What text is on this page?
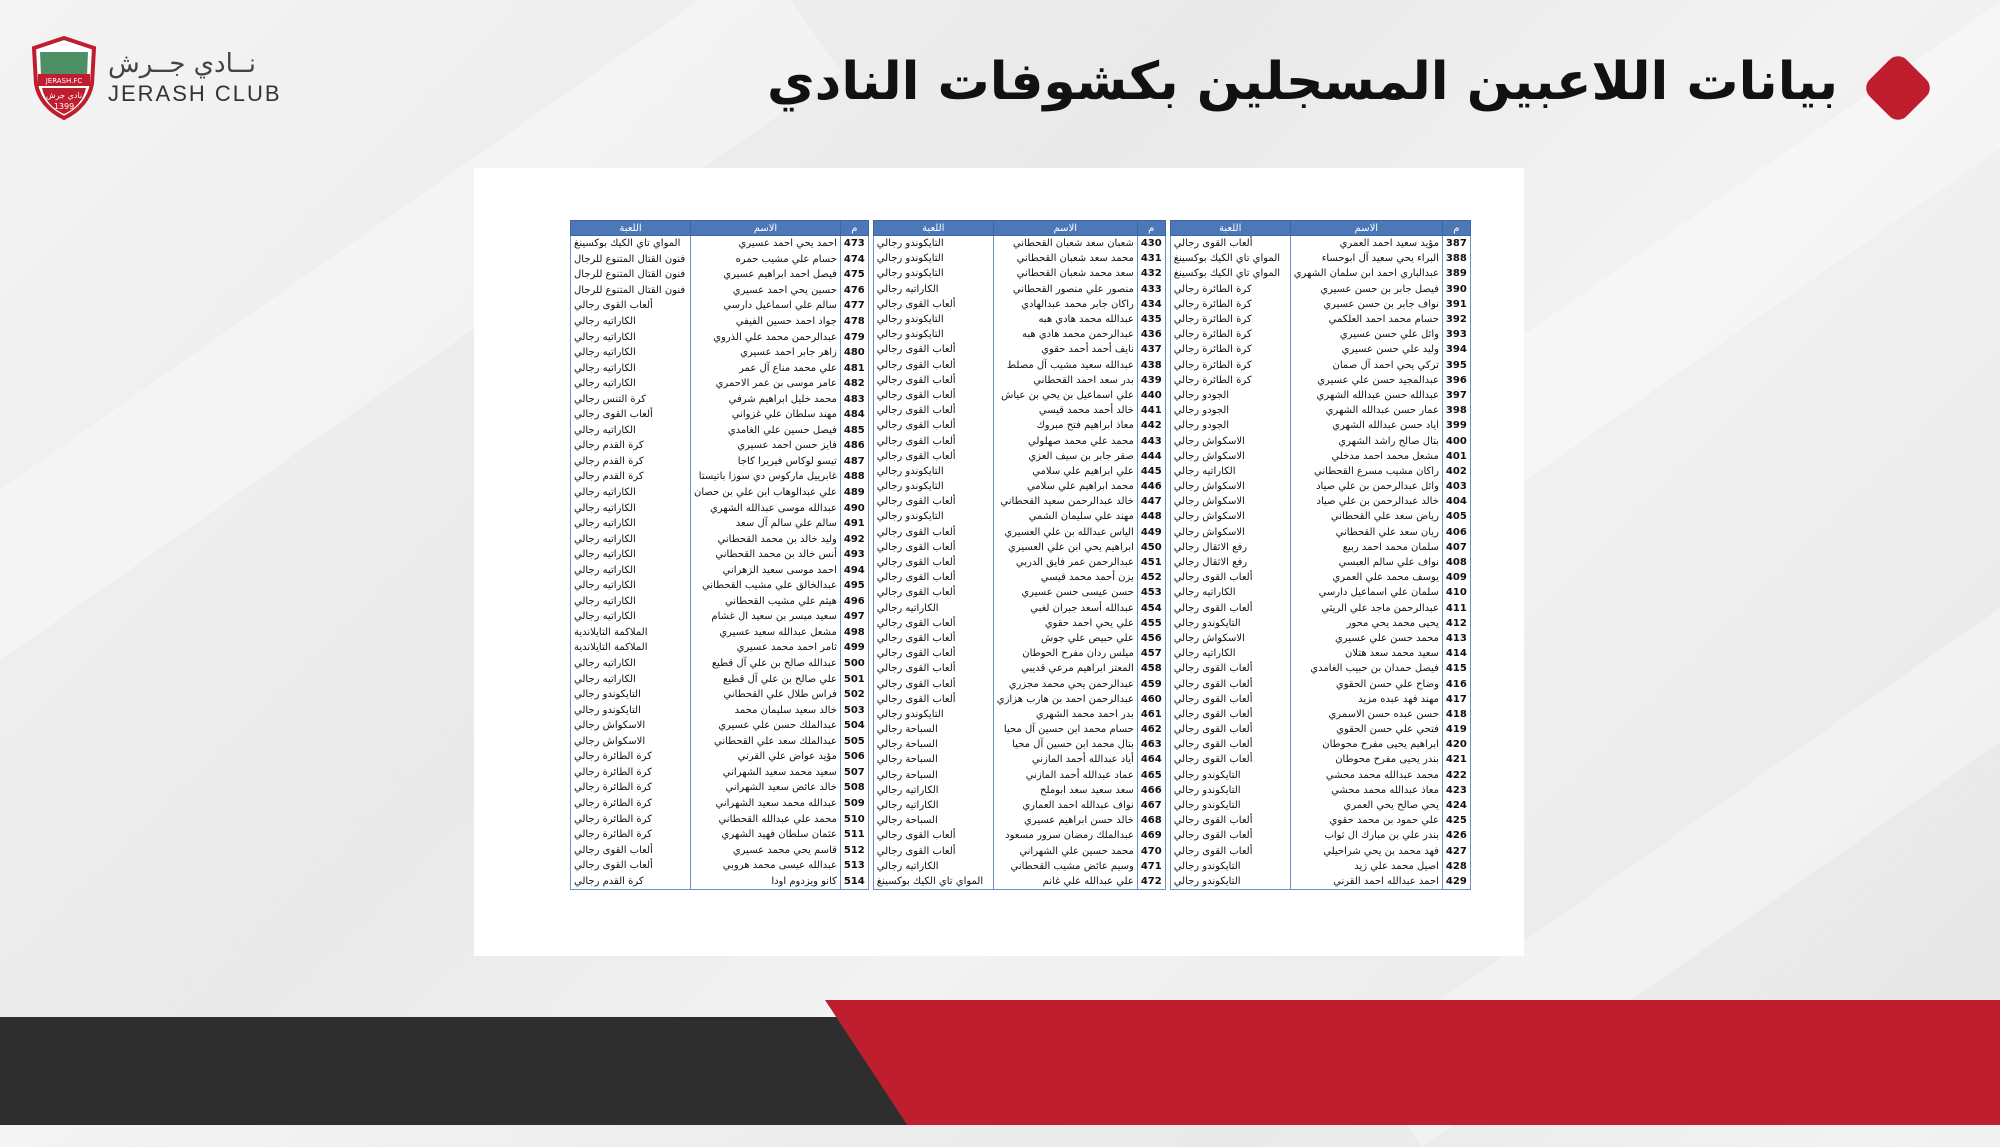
JERASH.FC
نادي جرش
1399
نــادي جــرش
JERASH CLUB	بيانات اللاعبين المسجلين بكشوفات النادي
م	الاسم	اللعبة
473	احمد يحي احمد عسيري	المواي تاي الكيك بوكسينغ
474	حسام علي مشيب حمره	فنون القتال المتنوع للرجال
475	فيصل احمد ابراهيم عسيري	فنون القتال المتنوع للرجال
476	حسين يحي احمد عسيري	فنون القتال المتنوع للرجال
477	سالم علي اسماعيل دارسي	ألعاب القوى رجالي
478	جواد احمد حسين الفيفي	الكاراتيه رجالي
479	عبدالرحمن محمد علي الذروي	الكاراتيه رجالي
480	زاهر جابر احمد عسيري	الكاراتيه رجالي
481	علي محمد مناع آل عمر	الكاراتيه رجالي
482	عامر موسى بن عمر الاحمري	الكاراتيه رجالي
483	محمد خليل ابراهيم شرفي	كرة التنس رجالي
484	مهند سلطان علي غزواني	ألعاب القوى رجالي
485	فيصل حسين علي الغامدي	الكاراتيه رجالي
486	فايز حسن احمد عسيري	كرة القدم رجالي
487	تيسو لوكاس فيريرا كاجا	كرة القدم رجالي
488	غابرييل ماركوس دي سوزا باتيستا	كرة القدم رجالي
489	علي عبدالوهاب ابن علي بن حصان	الكاراتيه رجالي
490	عبدالله موسى عبدالله الشهري	الكاراتيه رجالي
491	سالم علي سالم آل سعد	الكاراتيه رجالي
492	وليد خالد بن محمد القحطاني	الكاراتيه رجالي
493	أنس خالد بن محمد القحطاني	الكاراتيه رجالي
494	احمد موسى سعيد الزهراني	الكاراتيه رجالي
495	عبدالخالق علي مشيب القحطاني	الكاراتيه رجالي
496	هيثم علي مشيب القحطاني	الكاراتيه رجالي
497	سعيد ميسر بن سعيد ال غشام	الكاراتيه رجالي
498	مشعل عبدالله سعيد عسيري	الملاكمة التايلاندية
499	ثامر احمد محمد عسيري	الملاكمة التايلاندية
500	عبدالله صالح بن علي آل قطيع	الكاراتيه رجالي
501	علي صالح بن علي آل قطيع	الكاراتيه رجالي
502	فراس طلال علي القحطاني	التايكوندو رجالي
503	خالد سعيد سليمان محمد	التايكوندو رجالي
504	عبدالملك حسن علي عسيري	الاسكواش رجالي
505	عبدالملك سعد علي القحطاني	الاسكواش رجالي
506	مؤيد عواض علي القرني	كرة الطائرة رجالي
507	سعيد محمد سعيد الشهراني	كرة الطائرة رجالي
508	خالد عائض سعيد الشهراني	كرة الطائرة رجالي
509	عبدالله محمد سعيد الشهراني	كرة الطائرة رجالي
510	محمد علي عبدالله القحطاني	كرة الطائرة رجالي
511	عثمان سلطان فهيد الشهري	كرة الطائرة رجالي
512	قاسم يحي محمد عسيري	ألعاب القوى رجالي
513	عبدالله عيسى محمد هروبي	ألعاب القوى رجالي
514	كانو ويزدوم اودا	كرة القدم رجالي
م	الاسم	اللعبة
430	شعبان سعد شعبان القحطاني	التايكوندو رجالي
431	محمد سعد شعبان القحطاني	التايكوندو رجالي
432	سعد محمد شعبان القحطاني	التايكوندو رجالي
433	منصور علي منصور القحطاني	الكاراتيه رجالي
434	راكان جابر محمد عبدالهادي	ألعاب القوى رجالي
435	عبدالله محمد هادي هبه	التايكوندو رجالي
436	عبدالرحمن محمد هادي هبه	التايكوندو رجالي
437	نايف أحمد أحمد حقوي	ألعاب القوى رجالي
438	عبدالله سعيد مشيب آل مصلط	ألعاب القوى رجالي
439	بدر سعد احمد القحطاني	ألعاب القوى رجالي
440	علي اسماعيل بن يحي بن عياش	ألعاب القوى رجالي
441	خالد أحمد محمد قيسي	ألعاب القوى رجالي
442	معاذ ابراهيم فتح مبروك	ألعاب القوى رجالي
443	محمد علي محمد صهلولي	ألعاب القوى رجالي
444	صقر جابر بن سيف العزي	ألعاب القوى رجالي
445	علي ابراهيم علي سلامي	التايكوندو رجالي
446	محمد ابراهيم علي سلامي	التايكوندو رجالي
447	خالد عبدالرحمن سعيد القحطاني	ألعاب القوى رجالي
448	مهند علي سليمان الشمي	التايكوندو رجالي
449	الياس عبدالله بن علي العسيري	ألعاب القوى رجالي
450	ابراهيم يحي ابن علي العسيري	ألعاب القوى رجالي
451	عبدالرحمن عمر فايق الدربي	ألعاب القوى رجالي
452	يزن أحمد محمد قيسي	ألعاب القوى رجالي
453	حسن عيسى حسن عسيري	ألعاب القوى رجالي
454	عبدالله أسعد جبران لغبي	الكاراتيه رجالي
455	علي يحي احمد حقوي	ألعاب القوى رجالي
456	علي حبيص علي جوش	ألعاب القوى رجالي
457	ميلس ردان مفرح الحوطان	ألعاب القوى رجالي
458	المعتز ابراهيم مرعي قديبي	ألعاب القوى رجالي
459	عبدالرحمن يحي محمد مجزري	ألعاب القوى رجالي
460	عبدالرحمن احمد بن هارب هزازي	ألعاب القوى رجالي
461	بدر احمد محمد الشهري	التايكوندو رجالي
462	حسام محمد ابن حسين آل محيا	السباحة رجالي
463	بتال محمد ابن حسين آل محيا	السباحة رجالي
464	أياد عبدالله أحمد المازني	السباحة رجالي
465	عماد عبدالله أحمد المازني	السباحة رجالي
466	سعد سعيد سعد ابوملح	الكاراتيه رجالي
467	نواف عبدالله احمد العماري	الكاراتيه رجالي
468	خالد حسن ابراهيم عسيري	السباحة رجالي
469	عبدالملك رمضان سرور مسعود	ألعاب القوى رجالي
470	محمد حسين علي الشهراني	ألعاب القوى رجالي
471	وسيم عائض مشيب القحطاني	الكاراتيه رجالي
472	علي عبدالله علي غانم	المواي تاي الكيك بوكسينغ
م	الاسم	اللعبة
387	مؤيد سعيد احمد العمري	ألعاب القوى رجالي
388	البراء يحي سعيد آل ابوحساء	المواي تاي الكيك بوكسينغ
389	عبدالباري احمد ابن سلمان الشهري	المواي تاي الكيك بوكسينغ
390	فيصل جابر بن حسن عسيري	كرة الطائرة رجالي
391	نواف جابر بن حسن عسيري	كرة الطائرة رجالي
392	حسام محمد احمد العلكمي	كرة الطائرة رجالي
393	وائل علي حسن عسيري	كرة الطائرة رجالي
394	وليد علي حسن عسيري	كرة الطائرة رجالي
395	تركي يحي احمد آل صمان	كرة الطائرة رجالي
396	عبدالمجيد حسن علي عسيري	كرة الطائرة رجالي
397	عبدالله حسن عبدالله الشهري	الجودو رجالي
398	عمار حسن عبدالله الشهري	الجودو رجالي
399	اياد حسن عبدالله الشهري	الجودو رجالي
400	بتال صالح راشد الشهري	الاسكواش رجالي
401	مشعل محمد احمد مدخلي	الاسكواش رجالي
402	راكان مشيب مسرع القحطاني	الكاراتيه رجالي
403	وائل عبدالرحمن بن علي صياد	الاسكواش رجالي
404	خالد عبدالرحمن بن علي صياد	الاسكواش رجالي
405	رياض سعد علي القحطاني	الاسكواش رجالي
406	ريان سعد علي القحطاني	الاسكواش رجالي
407	سلمان محمد احمد ربيع	رفع الاثقال رجالي
408	نواف علي سالم العبسي	رفع الاثقال رجالي
409	يوسف محمد علي العمري	ألعاب القوى رجالي
410	سلمان علي اسماعيل دارسي	الكاراتيه رجالي
411	عبدالرحمن ماجد علي الريثي	ألعاب القوى رجالي
412	يحيى محمد يحي محور	التايكوندو رجالي
413	محمد حسن علي عسيري	الاسكواش رجالي
414	سعيد محمد سعد هتلان	الكاراتيه رجالي
415	فيصل حمدان بن حبيب الغامدي	ألعاب القوى رجالي
416	وضاح علي حسن الحقوي	ألعاب القوى رجالي
417	مهند فهد عبده مزيد	ألعاب القوى رجالي
418	حسن عبده حسن الاسمري	ألعاب القوى رجالي
419	فتحي علي حسن الحقوي	ألعاب القوى رجالي
420	ابراهيم يحيى مفرح محوطان	ألعاب القوى رجالي
421	بندر يحيى مفرح محوطان	ألعاب القوى رجالي
422	محمد عبدالله محمد محشي	التايكوندو رجالي
423	معاذ عبدالله محمد محشي	التايكوندو رجالي
424	يحي صالح يحي العمري	التايكوندو رجالي
425	علي حمود بن محمد حقوي	ألعاب القوى رجالي
426	بندر علي بن مبارك ال ثواب	ألعاب القوى رجالي
427	فهد محمد بن يحي شراحيلي	ألعاب القوى رجالي
428	اصيل محمد علي زيد	التايكوندو رجالي
429	احمد عبدالله احمد القرني	التايكوندو رجالي
